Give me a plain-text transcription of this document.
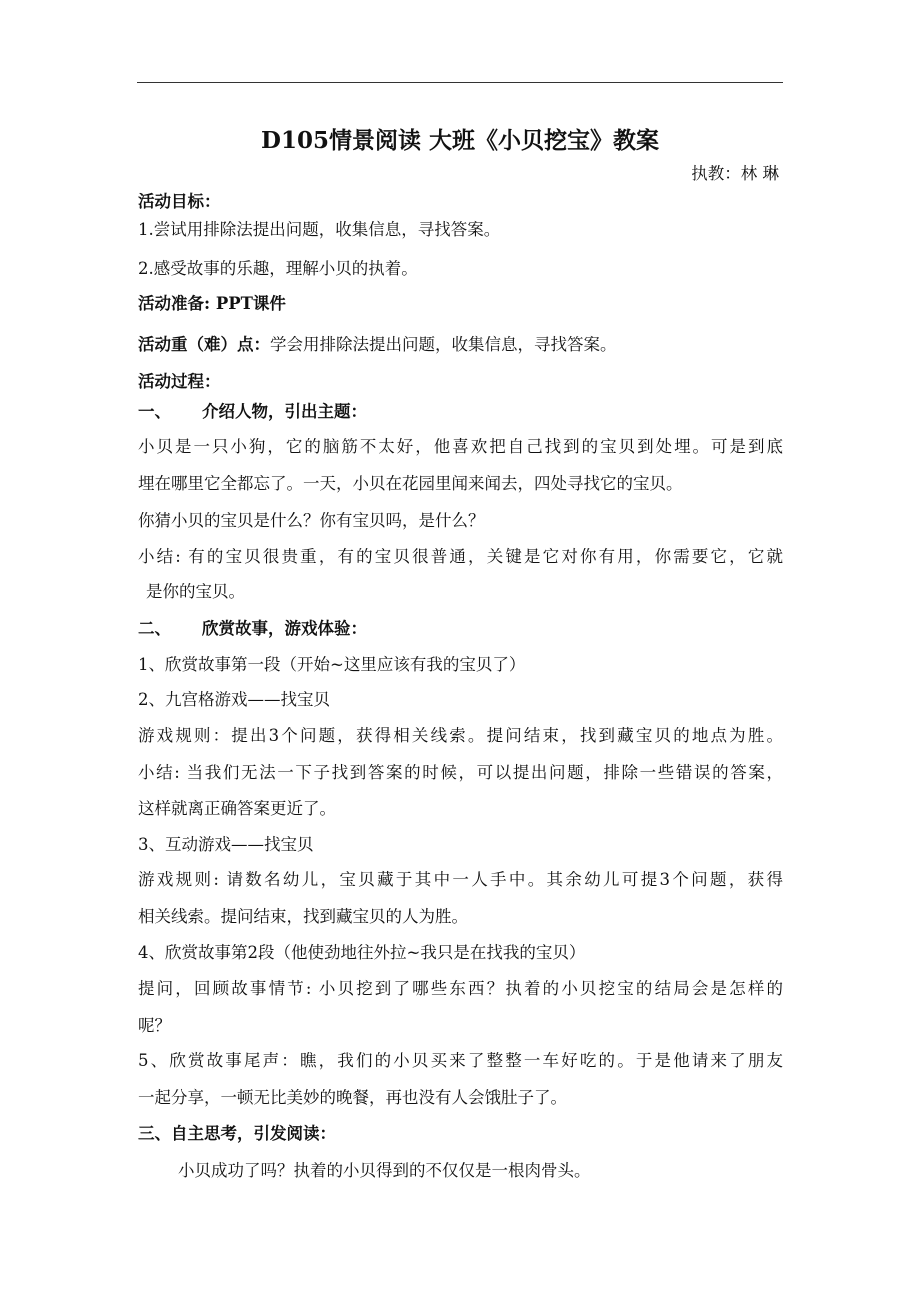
D105情景阅读 大班《小贝挖宝》教案
执教：林 琳
活动目标：
1.尝试用排除法提出问题，收集信息，寻找答案。
2.感受故事的乐趣，理解小贝的执着。
活动准备: PPT课件
活动重（难）点：学会用排除法提出问题，收集信息，寻找答案。
活动过程：
一、 介绍人物，引出主题：
小贝是一只小狗，它的脑筋不太好，他喜欢把自己找到的宝贝到处埋。可是到底
埋在哪里它全都忘了。一天，小贝在花园里闻来闻去，四处寻找它的宝贝。
你猜小贝的宝贝是什么？你有宝贝吗，是什么？
小结: 有的宝贝很贵重，有的宝贝很普通，关键是它对你有用，你需要它，它就
是你的宝贝。
二、 欣赏故事，游戏体验：
1、欣赏故事第一段（开始~这里应该有我的宝贝了）
2、九宫格游戏——找宝贝
游戏规则：提出3个问题，获得相关线索。提问结束，找到藏宝贝的地点为胜。
小结: 当我们无法一下子找到答案的时候，可以提出问题，排除一些错误的答案，
这样就离正确答案更近了。
3、互动游戏——找宝贝
游戏规则: 请数名幼儿，宝贝藏于其中一人手中。其余幼儿可提3个问题，获得
相关线索。提问结束，找到藏宝贝的人为胜。
4、欣赏故事第2段（他使劲地往外拉~我只是在找我的宝贝）
提问，回顾故事情节: 小贝挖到了哪些东西？执着的小贝挖宝的结局会是怎样的
呢？
5、欣赏故事尾声：瞧，我们的小贝买来了整整一车好吃的。于是他请来了朋友
一起分享，一顿无比美妙的晚餐，再也没有人会饿肚子了。
三、自主思考，引发阅读：
小贝成功了吗？执着的小贝得到的不仅仅是一根肉骨头。
